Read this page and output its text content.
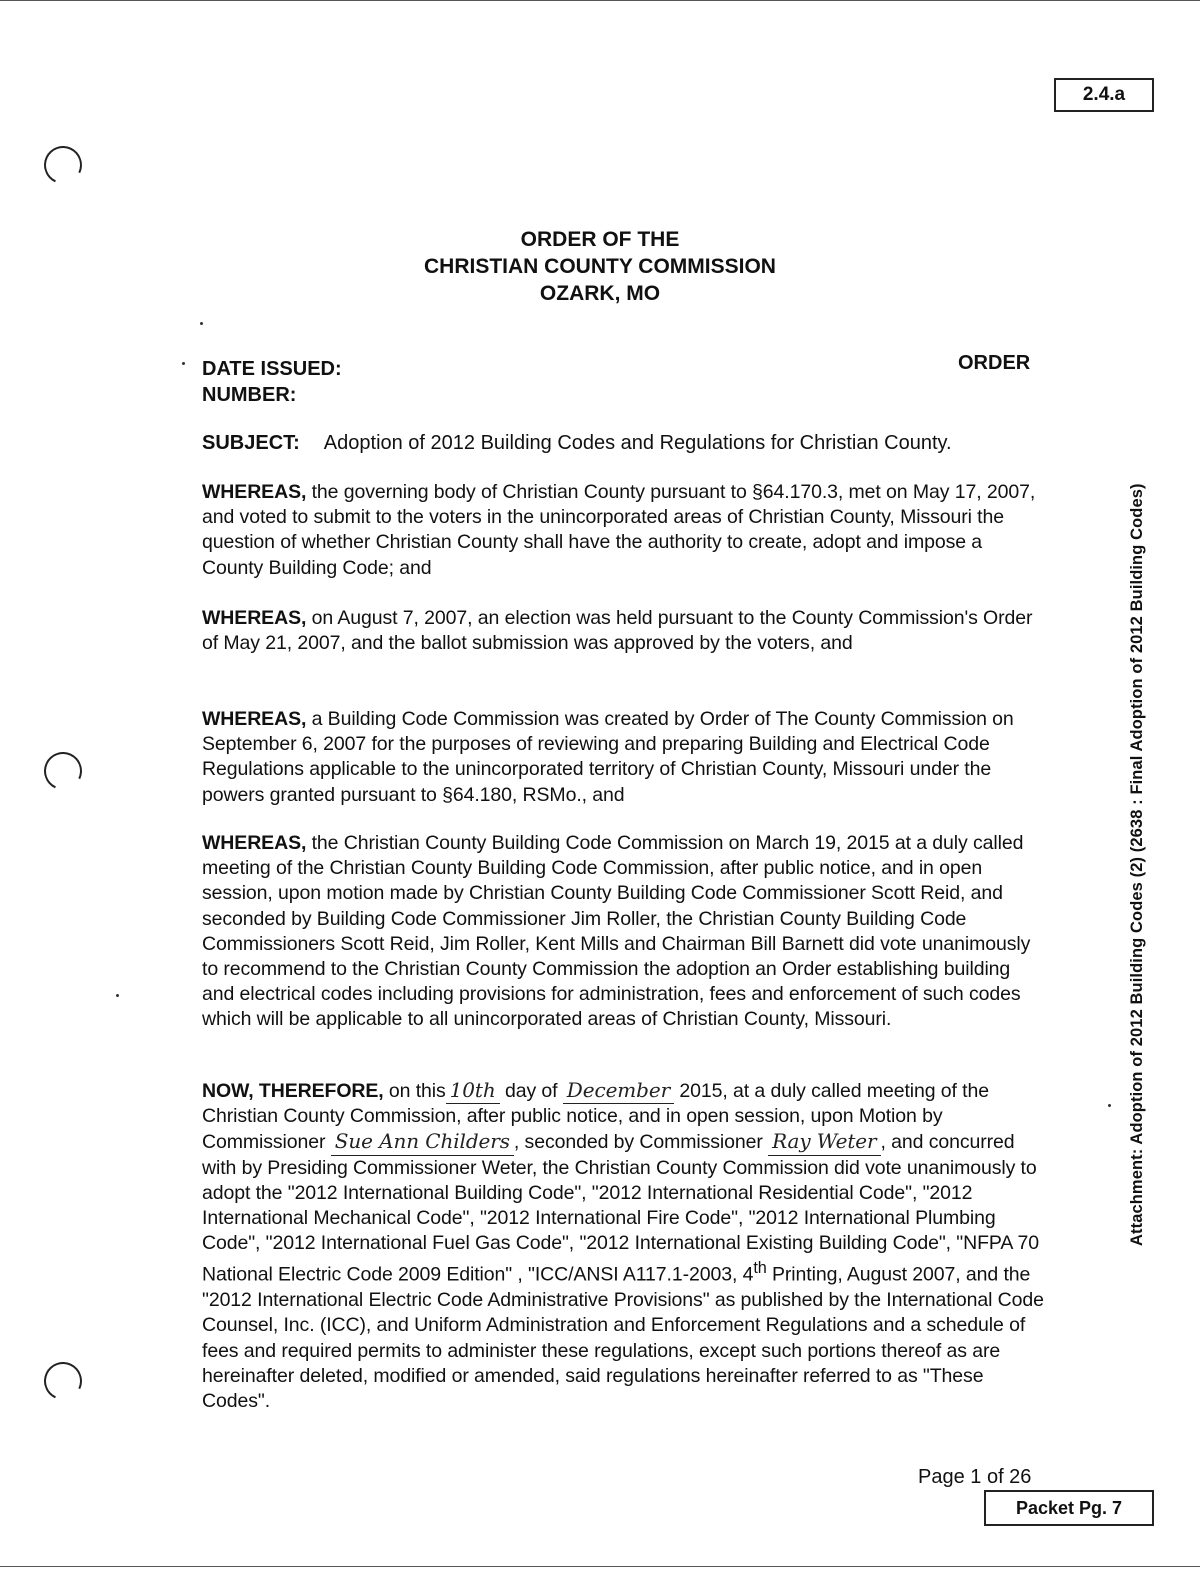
2.4.a
ORDER OF THE
CHRISTIAN COUNTY COMMISSION
OZARK, MO
DATE ISSUED:
NUMBER:
ORDER
SUBJECT: Adoption of 2012 Building Codes and Regulations for Christian County.
WHEREAS, the governing body of Christian County pursuant to §64.170.3, met on May 17, 2007, and voted to submit to the voters in the unincorporated areas of Christian County, Missouri the question of whether Christian County shall have the authority to create, adopt and impose a County Building Code; and
WHEREAS, on August 7, 2007, an election was held pursuant to the County Commission's Order of May 21, 2007, and the ballot submission was approved by the voters, and
WHEREAS, a Building Code Commission was created by Order of The County Commission on September 6, 2007 for the purposes of reviewing and preparing Building and Electrical Code Regulations applicable to the unincorporated territory of Christian County, Missouri under the powers granted pursuant to §64.180, RSMo., and
WHEREAS, the Christian County Building Code Commission on March 19, 2015 at a duly called meeting of the Christian County Building Code Commission, after public notice, and in open session, upon motion made by Christian County Building Code Commissioner Scott Reid, and seconded by Building Code Commissioner Jim Roller, the Christian County Building Code Commissioners Scott Reid, Jim Roller, Kent Mills and Chairman Bill Barnett did vote unanimously to recommend to the Christian County Commission the adoption an Order establishing building and electrical codes including provisions for administration, fees and enforcement of such codes which will be applicable to all unincorporated areas of Christian County, Missouri.
NOW, THEREFORE, on this 10th day of December 2015, at a duly called meeting of the Christian County Commission, after public notice, and in open session, upon Motion by Commissioner Sue Ann Childers , seconded by Commissioner Ray Weter , and concurred with by Presiding Commissioner Weter, the Christian County Commission did vote unanimously to adopt the "2012 International Building Code", "2012 International Residential Code", "2012 International Mechanical Code", "2012 International Fire Code", "2012 International Plumbing Code", "2012 International Fuel Gas Code", "2012 International Existing Building Code", "NFPA 70 National Electric Code 2009 Edition" , "ICC/ANSI A117.1-2003, 4th Printing, August 2007, and the "2012 International Electric Code Administrative Provisions" as published by the International Code Counsel, Inc. (ICC), and Uniform Administration and Enforcement Regulations and a schedule of fees and required permits to administer these regulations, except such portions thereof as are hereinafter deleted, modified or amended, said regulations hereinafter referred to as "These Codes".
Attachment: Adoption of 2012 Building Codes (2) (2638 : Final Adoption of 2012 Building Codes)
Page 1 of 26
Packet Pg. 7
